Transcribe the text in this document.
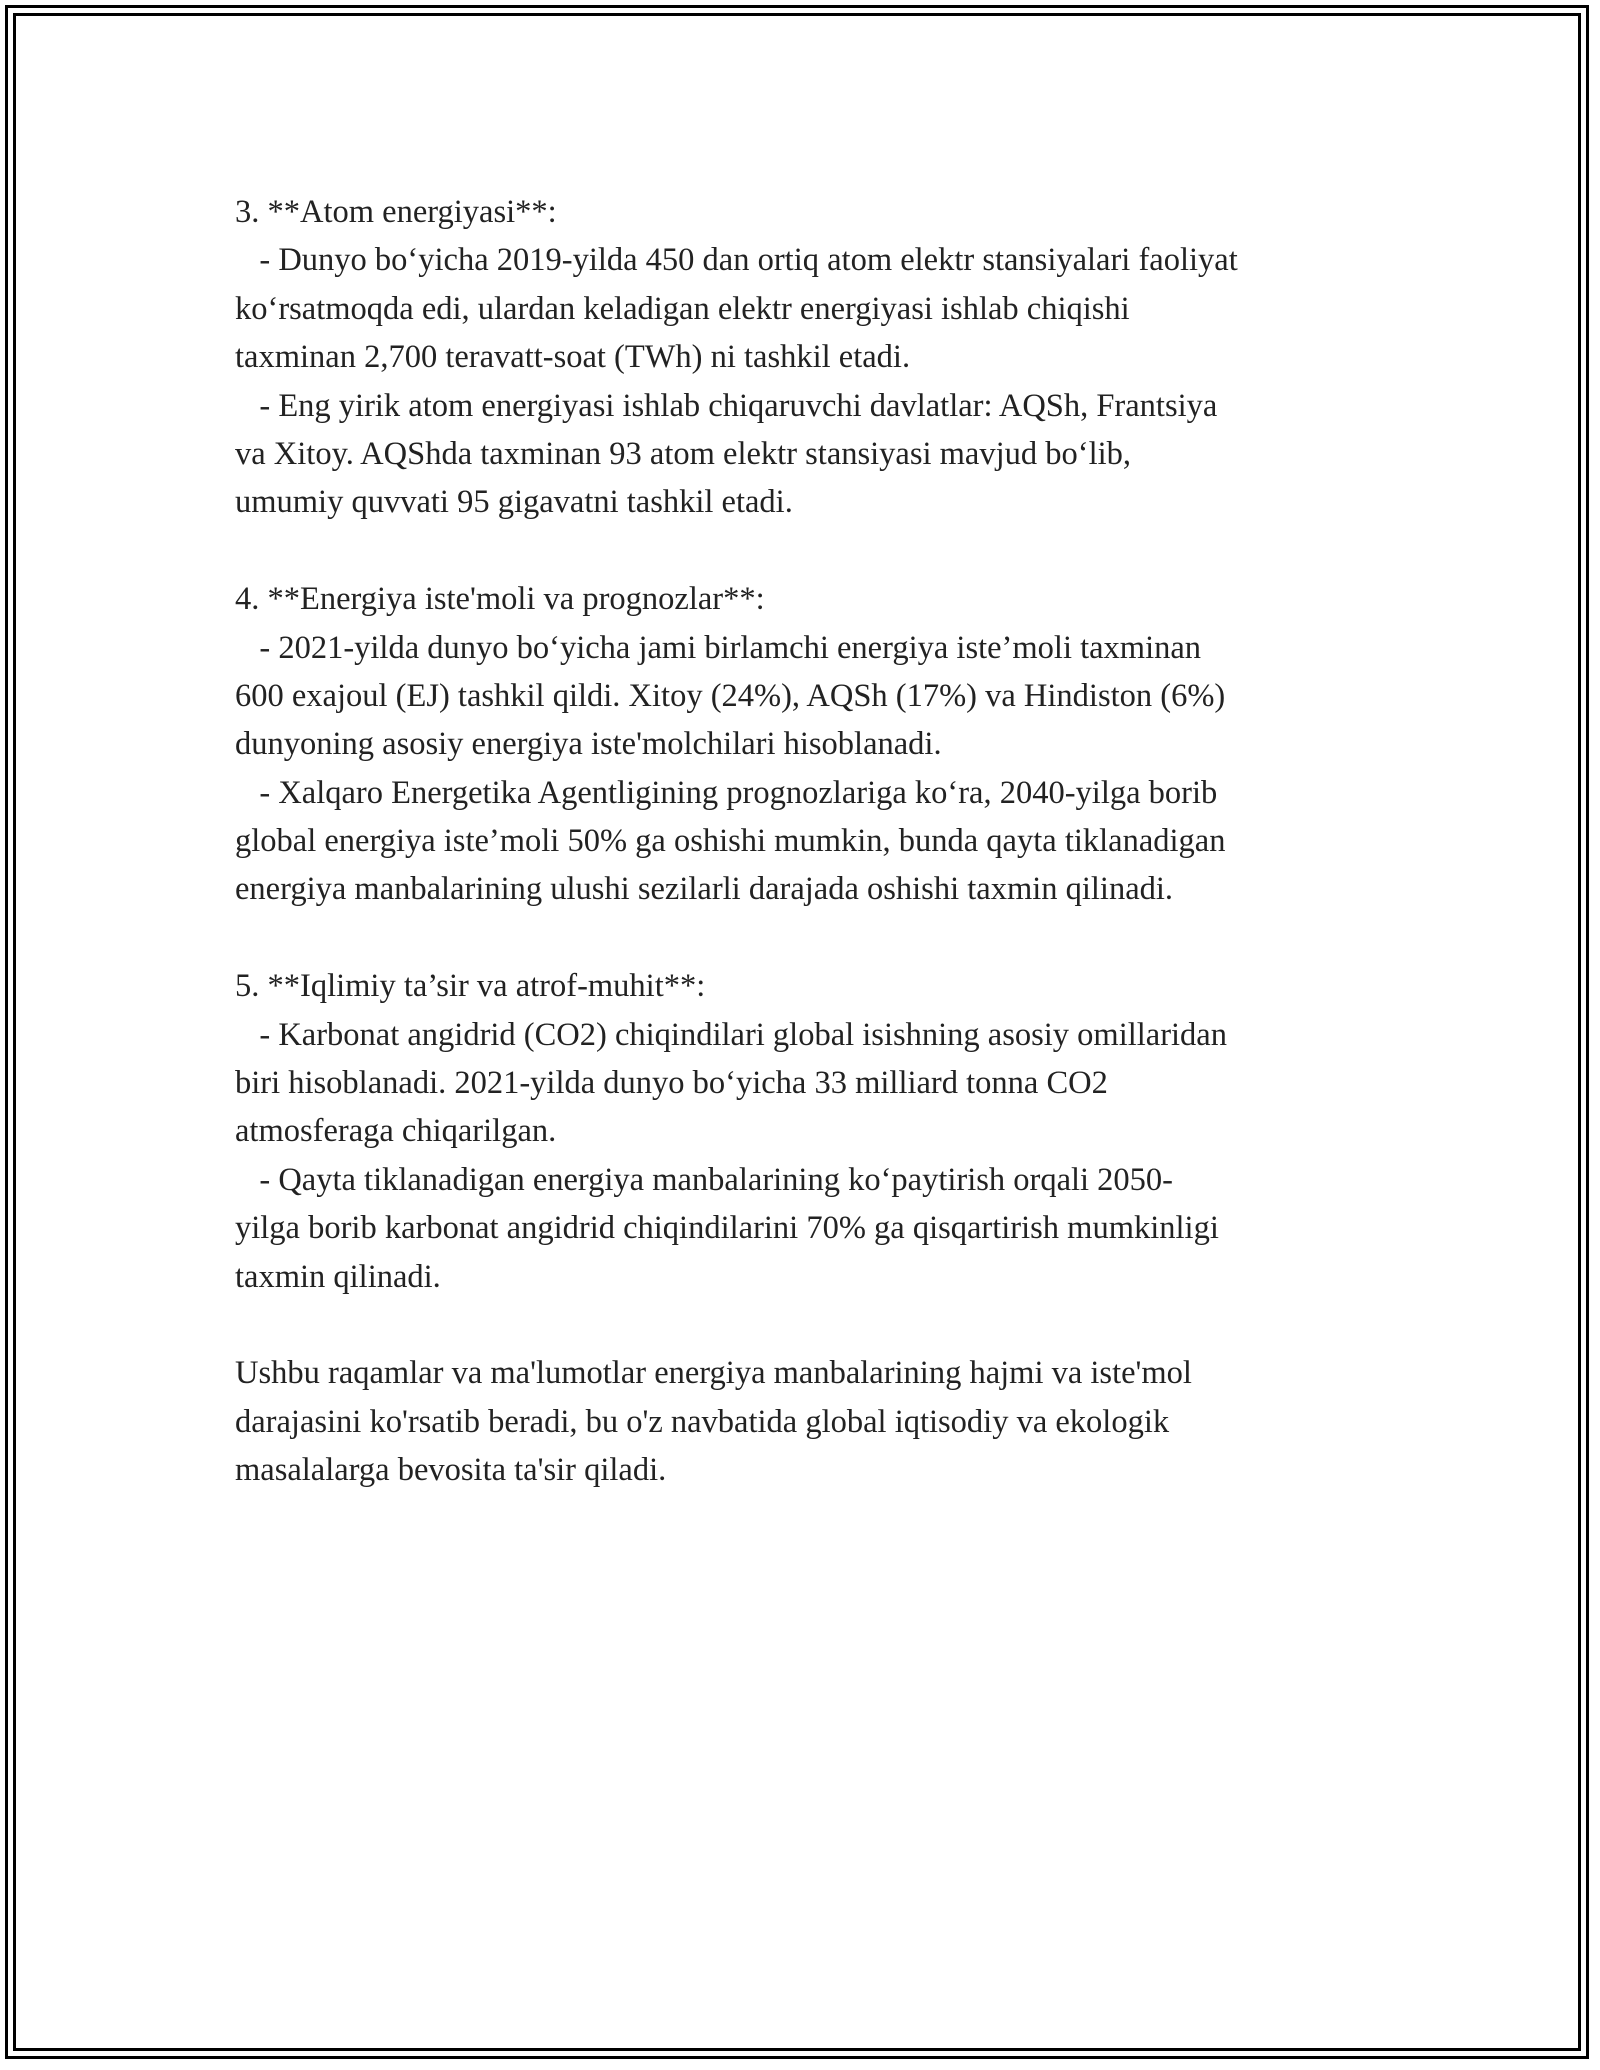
3. **Atom energiyasi**:
- Dunyo bo‘yicha 2019-yilda 450 dan ortiq atom elektr stansiyalari faoliyat
ko‘rsatmoqda edi, ulardan keladigan elektr energiyasi ishlab chiqishi
taxminan 2,700 teravatt-soat (TWh) ni tashkil etadi.
- Eng yirik atom energiyasi ishlab chiqaruvchi davlatlar: AQSh, Frantsiya
va Xitoy. AQShda taxminan 93 atom elektr stansiyasi mavjud bo‘lib,
umumiy quvvati 95 gigavatni tashkil etadi.
4. **Energiya iste'moli va prognozlar**:
- 2021-yilda dunyo bo‘yicha jami birlamchi energiya iste’moli taxminan
600 exajoul (EJ) tashkil qildi. Xitoy (24%), AQSh (17%) va Hindiston (6%)
dunyoning asosiy energiya iste'molchilari hisoblanadi.
- Xalqaro Energetika Agentligining prognozlariga ko‘ra, 2040-yilga borib
global energiya iste’moli 50% ga oshishi mumkin, bunda qayta tiklanadigan
energiya manbalarining ulushi sezilarli darajada oshishi taxmin qilinadi.
5. **Iqlimiy ta’sir va atrof-muhit**:
- Karbonat angidrid (CO2) chiqindilari global isishning asosiy omillaridan
biri hisoblanadi. 2021-yilda dunyo bo‘yicha 33 milliard tonna CO2
atmosferaga chiqarilgan.
- Qayta tiklanadigan energiya manbalarining ko‘paytirish orqali 2050-
yilga borib karbonat angidrid chiqindilarini 70% ga qisqartirish mumkinligi
taxmin qilinadi.
Ushbu raqamlar va ma'lumotlar energiya manbalarining hajmi va iste'mol
darajasini ko'rsatib beradi, bu o'z navbatida global iqtisodiy va ekologik
masalalarga bevosita ta'sir qiladi.
